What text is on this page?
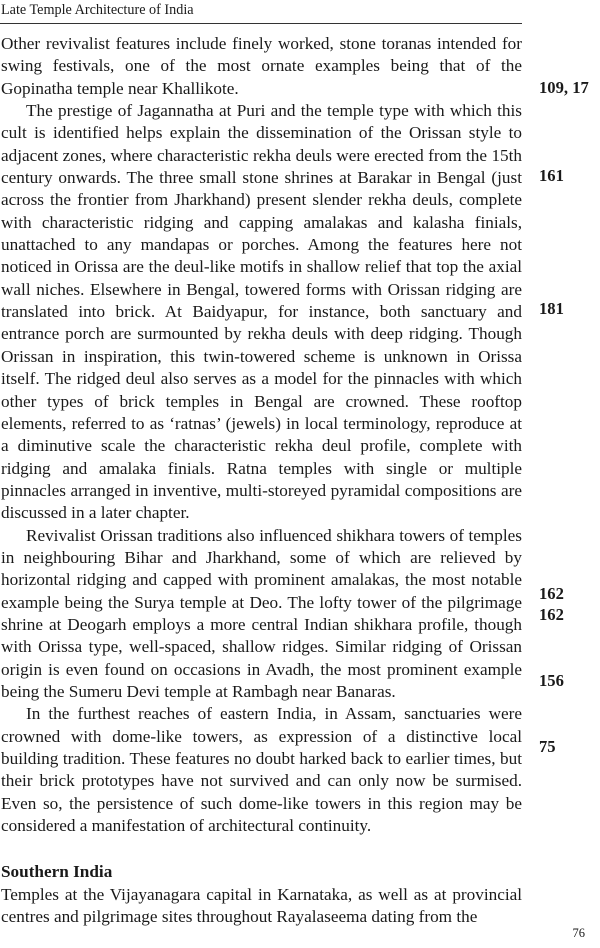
Late Temple Architecture of India

Other revivalist features include finely worked, stone toranas intended for swing festivals, one of the most ornate examples being that of the Gopinatha temple near Khallikote.

The prestige of Jagannatha at Puri and the temple type with which this cult is identified helps explain the dissemination of the Orissan style to adjacent zones, where characteristic rekha deuls were erected from the 15th century onwards. The three small stone shrines at Barakar in Bengal (just across the frontier from Jharkhand) present slender rekha deuls, complete with characteristic ridging and capping amalakas and kalasha finials, unattached to any mandapas or porches. Among the features here not noticed in Orissa are the deul-like motifs in shallow relief that top the axial wall niches. Elsewhere in Bengal, towered forms with Orissan ridging are translated into brick. At Baidyapur, for instance, both sanctuary and entrance porch are surmounted by rekha deuls with deep ridging. Though Orissan in inspiration, this twin-towered scheme is unknown in Orissa itself. The ridged deul also serves as a model for the pinnacles with which other types of brick temples in Bengal are crowned. These rooftop elements, referred to as ‘ratnas’ (jewels) in local terminology, reproduce at a diminutive scale the characteristic rekha deul profile, complete with ridging and amalaka finials. Ratna temples with single or multiple pinnacles arranged in inventive, multi-storeyed pyramidal compositions are discussed in a later chapter.

Revivalist Orissan traditions also influenced shikhara towers of temples in neighbouring Bihar and Jharkhand, some of which are relieved by horizontal ridging and capped with prominent amalakas, the most notable example being the Surya temple at Deo. The lofty tower of the pilgrimage shrine at Deogarh employs a more central Indian shikhara profile, though with Orissa type, well-spaced, shallow ridges. Similar ridging of Orissan origin is even found on occasions in Avadh, the most prominent example being the Sumeru Devi temple at Rambagh near Banaras.

In the furthest reaches of eastern India, in Assam, sanctuaries were crowned with dome-like towers, as expression of a distinctive local building tradition. These features no doubt harked back to earlier times, but their brick prototypes have not survived and can only now be surmised. Even so, the persistence of such dome-like towers in this region may be considered a manifestation of architectural continuity.

Southern India

Temples at the Vijayanagara capital in Karnataka, as well as at provincial centres and pilgrimage sites throughout Rayalaseema dating from the

109, 17
161
181
162
162
156
75
76
